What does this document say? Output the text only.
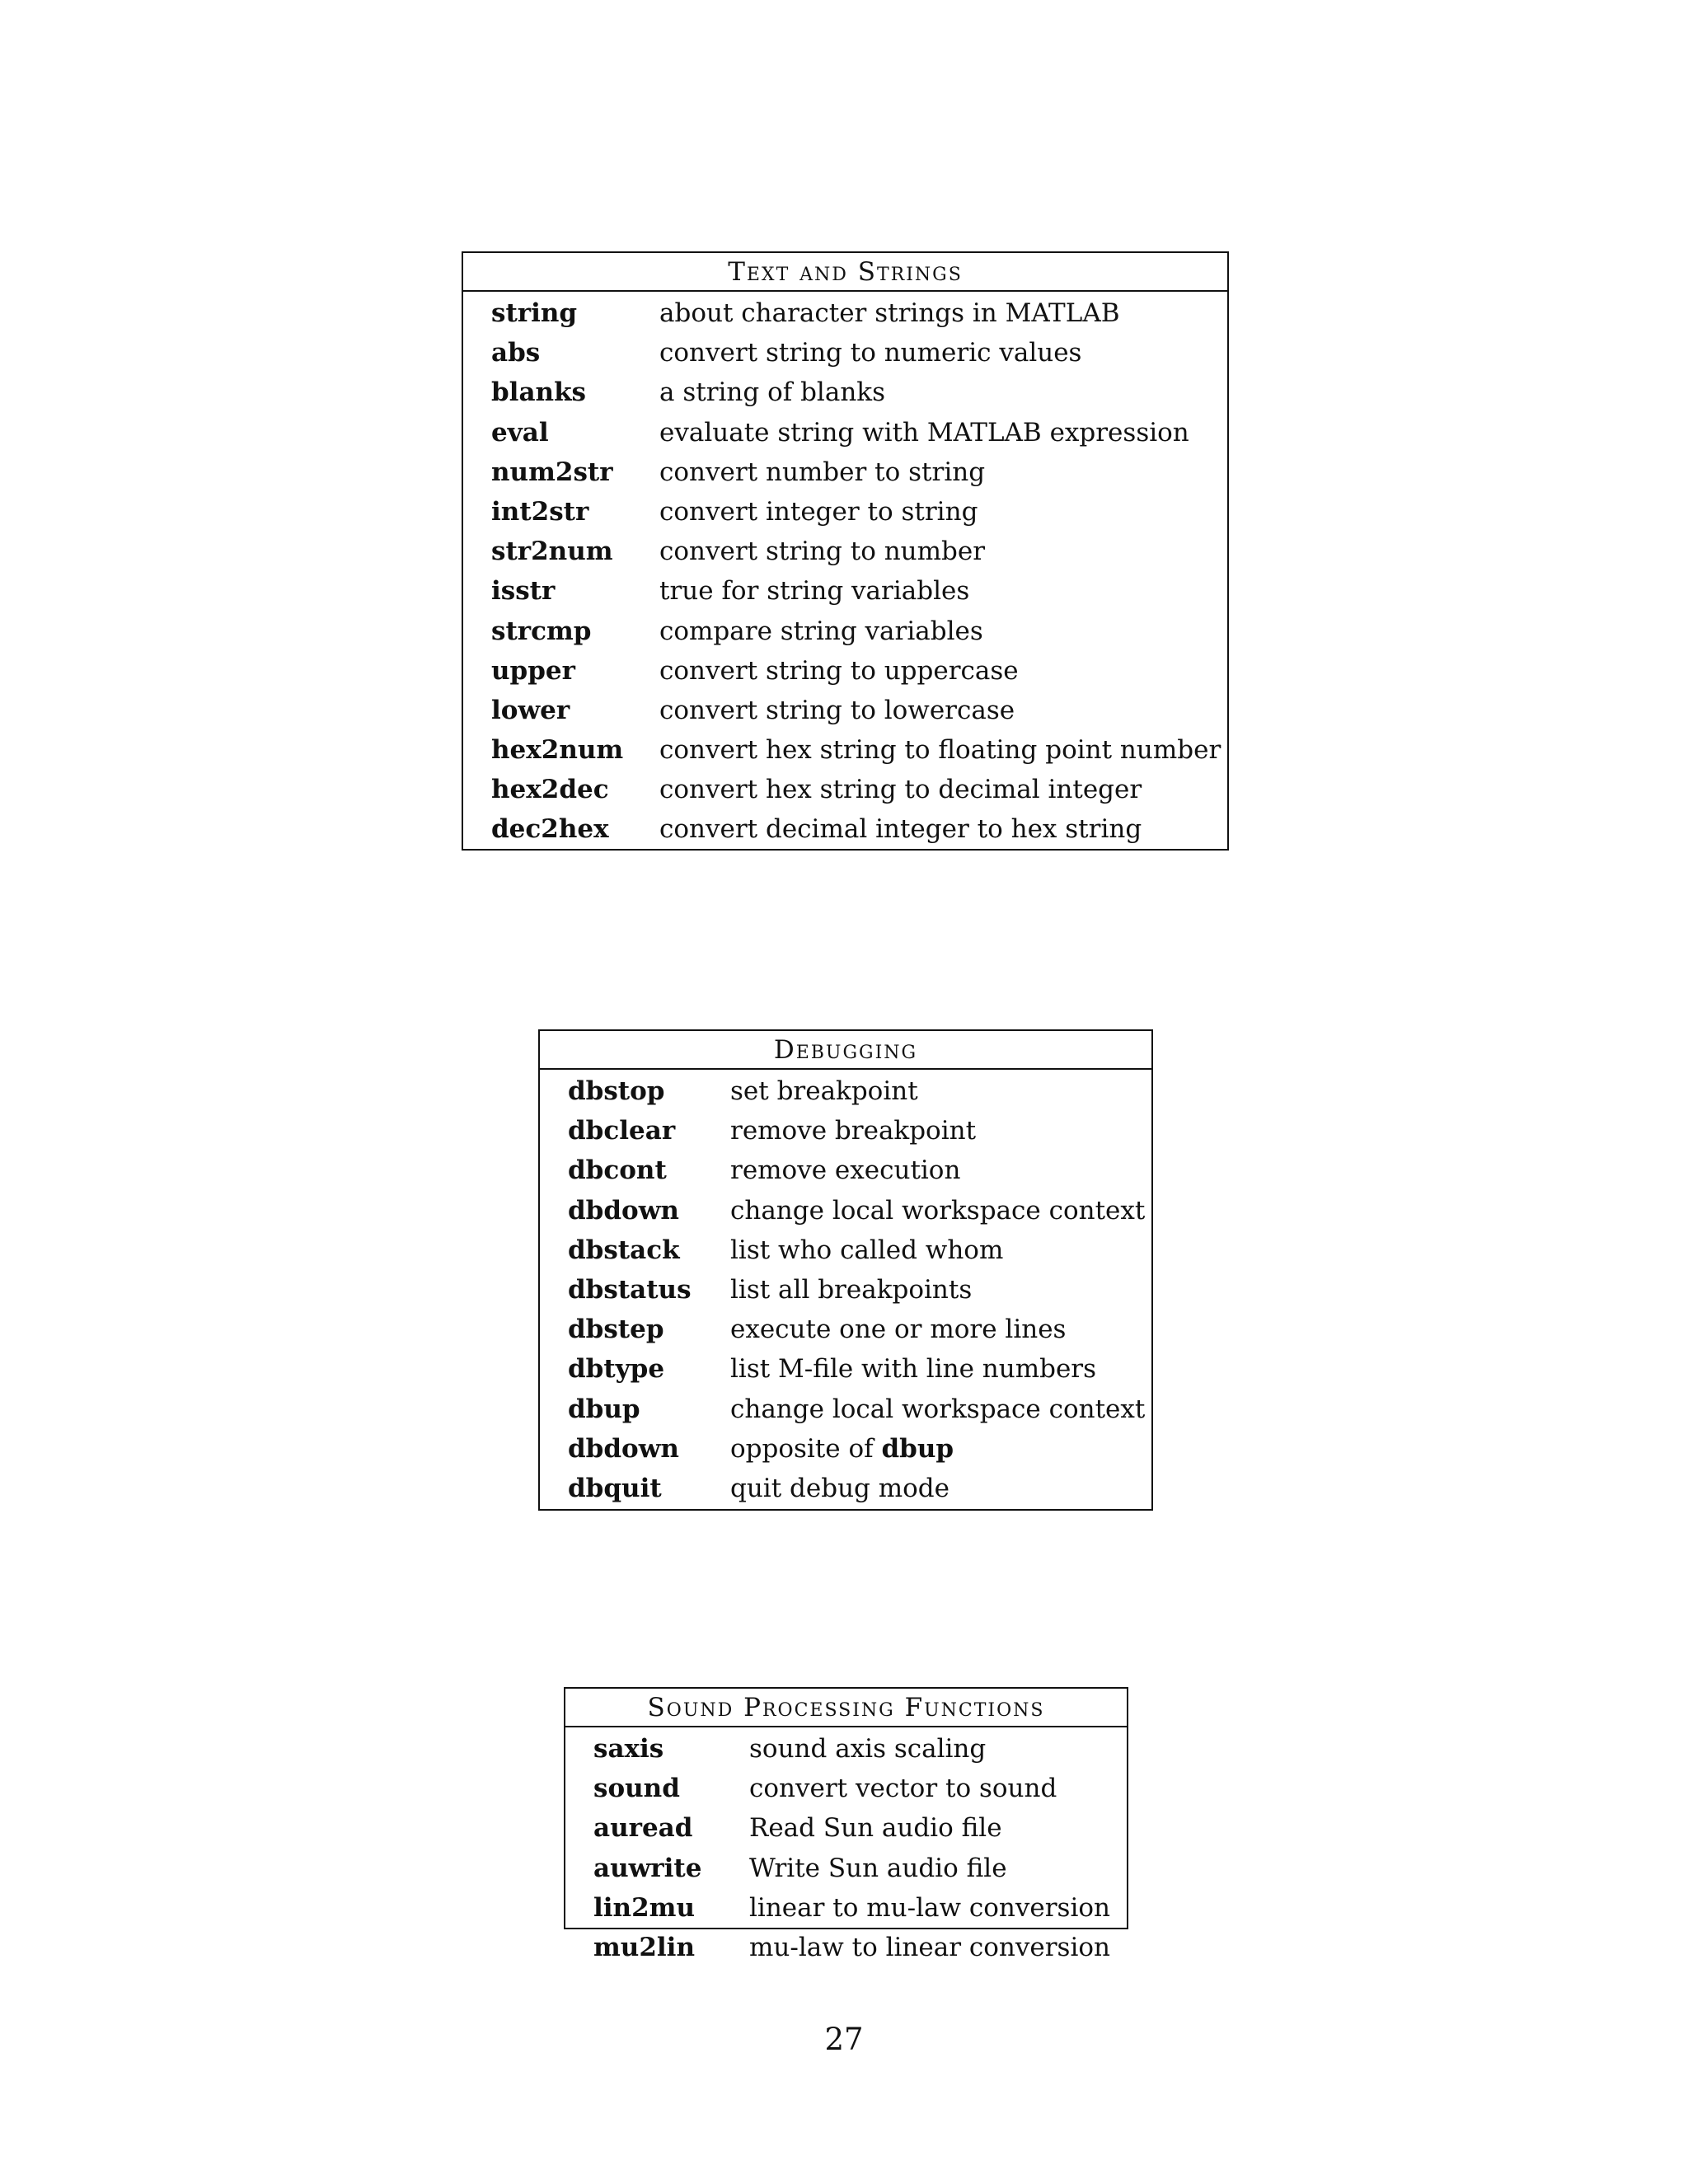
Text and Strings
string	about character strings in MATLAB
abs	convert string to numeric values
blanks	a string of blanks
eval	evaluate string with MATLAB expression
num2str convert number to string
int2str	convert integer to string
str2num convert string to number
isstr	true for string variables
strcmp	compare string variables
upper	convert string to uppercase
lower	convert string to lowercase
hex2num convert hex string to floating point number
hex2dec convert hex string to decimal integer
dec2hex convert decimal integer to hex string
Debugging
dbstop	set breakpoint
dbclear remove breakpoint
dbcont remove execution
dbdown change local workspace context
dbstack list who called whom
dbstatus list all breakpoints
dbstep	execute one or more lines
dbtype	list M-file with line numbers
dbup	change local workspace context
dbdown opposite of dbup
dbquit	quit debug mode
Sound Processing Functions
saxis	sound axis scaling
sound	convert vector to sound
auread Read Sun audio file
auwrite Write Sun audio file
lin2mu linear to mu-law conversion
mu2lin mu-law to linear conversion
27
